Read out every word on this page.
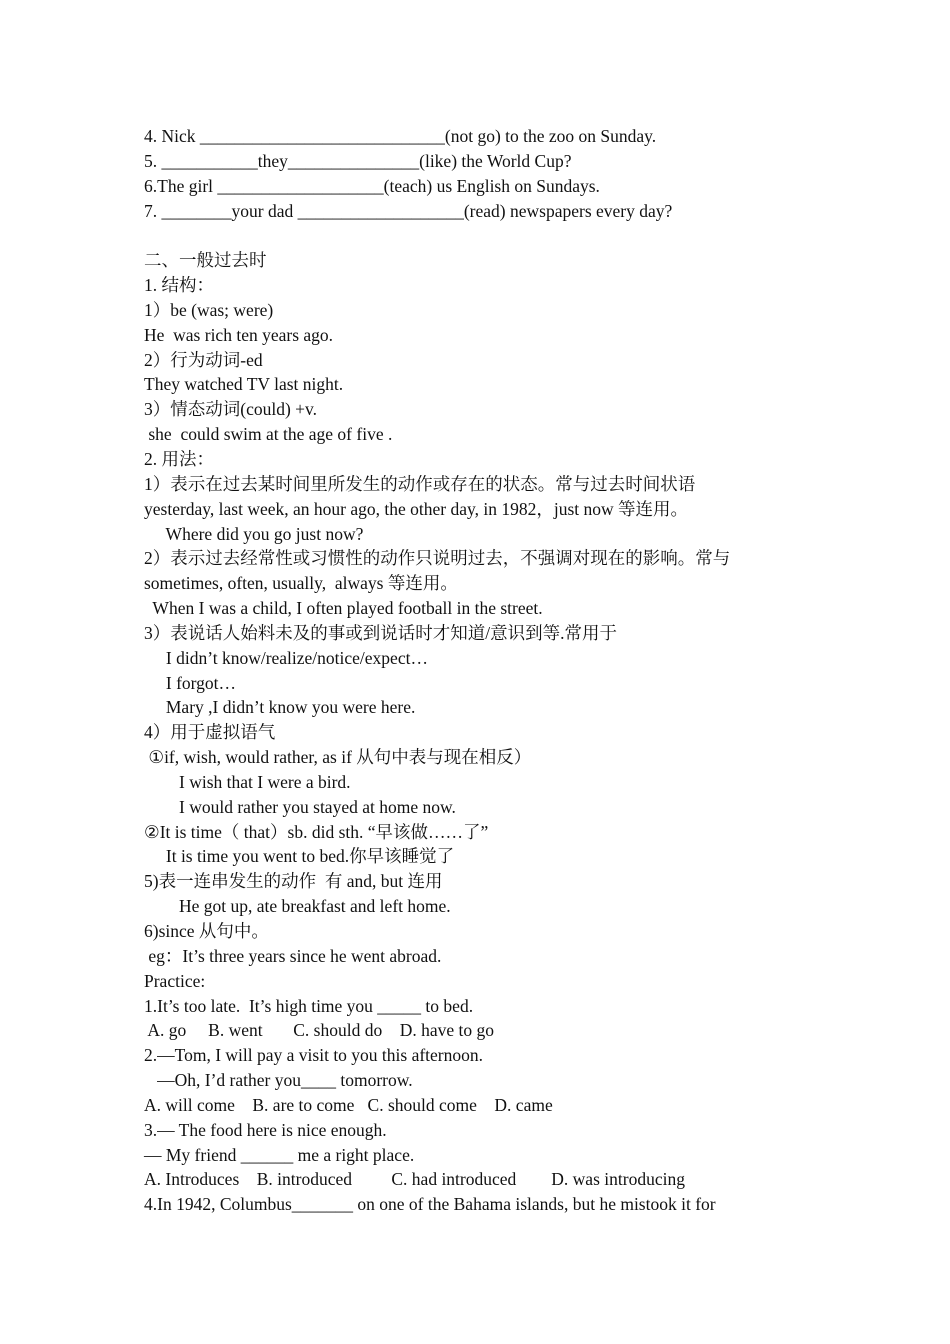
4. Nick ____________________________(not go) to the zoo on Sunday.
5. ___________they_______________(like) the World Cup?
6.The girl ___________________(teach) us English on Sundays.
7. ________your dad ___________________(read) newspapers every day?
二、一般过去时
1. 结构：
1）be (was; were)
He  was rich ten years ago.
2）行为动词-ed
They watched TV last night.
3）情态动词(could) +v.
she  could swim at the age of five .
2. 用法：
1）表示在过去某时间里所发生的动作或存在的状态。常与过去时间状语
yesterday, last week, an hour ago, the other day, in 1982，just now 等连用。
Where did you go just now?
2）表示过去经常性或习惯性的动作只说明过去，不强调对现在的影响。常与
sometimes, often, usually,  always 等连用。
When I was a child, I often played football in the street.
3）表说话人始料未及的事或到说话时才知道/意识到等.常用于
I didn’t know/realize/notice/expect…
I forgot…
Mary ,I didn’t know you were here.
4）用于虚拟语气
①if, wish, would rather, as if 从句中表与现在相反）
I wish that I were a bird.
I would rather you stayed at home now.
②It is time（ that）sb. did sth. “早该做……了”
It is time you went to bed.你早该睡觉了
5)表一连串发生的动作  有 and, but 连用
He got up, ate breakfast and left home.
6)since 从句中。
eg：It’s three years since he went abroad.
Practice:
1.It’s too late.  It’s high time you _____ to bed.
A. go     B. went       C. should do    D. have to go
2.—Tom, I will pay a visit to you this afternoon.
—Oh, I’d rather you____ tomorrow.
A. will come    B. are to come   C. should come    D. came
3.— The food here is nice enough.
— My friend ______ me a right place.
A. Introduces    B. introduced         C. had introduced        D. was introducing
4.In 1942, Columbus_______ on one of the Bahama islands, but he mistook it for
